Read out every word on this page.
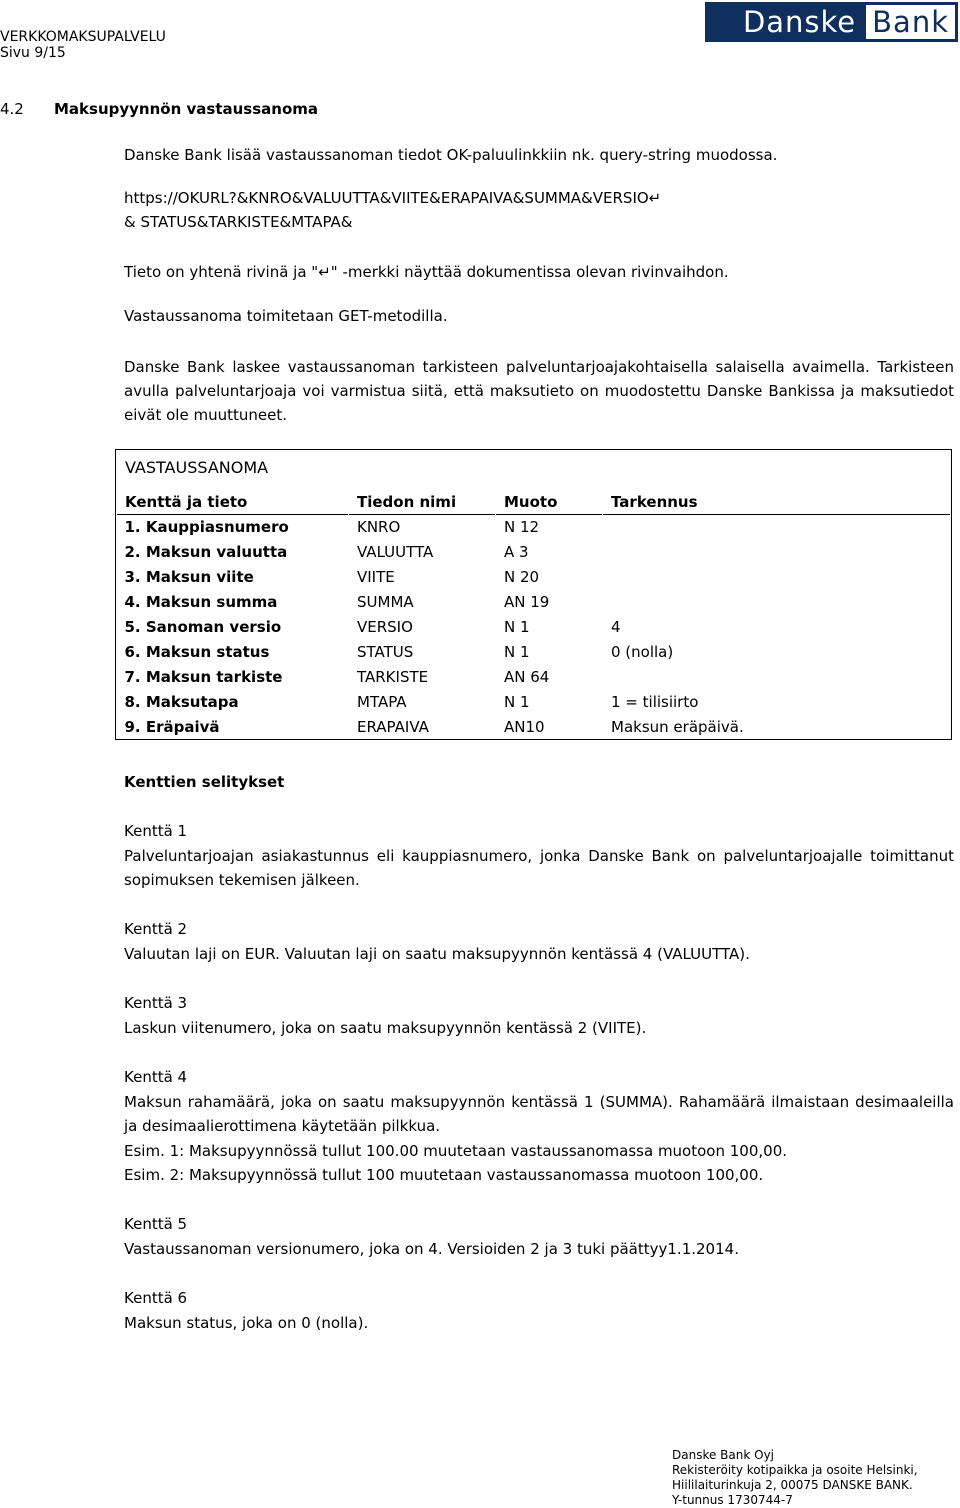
VERKKOMAKSUPALVELU
Sivu 9/15
Danske Bank
4.2 Maksupyynnön vastaussanoma
Danske Bank lisää vastaussanoman tiedot OK-paluulinkkiin nk. query-string muodossa.
https://OKURL?&KNRO&VALUUTTA&VIITE&ERAPAIVA&SUMMA&VERSIO↵
& STATUS&TARKISTE&MTAPA&
Tieto on yhtenä rivinä ja "↵" -merkki näyttää dokumentissa olevan rivinvaihdon.
Vastaussanoma toimitetaan GET-metodilla.
Danske Bank laskee vastaussanoman tarkisteen palveluntarjoajakohtaisella salaisella avaimella. Tarkisteen avulla palveluntarjoaja voi varmistua siitä, että maksutieto on muodostettu Danske Bankissa ja maksutiedot eivät ole muuttuneet.
VASTAUSSANOMA
Kenttä ja tieto	Tiedon nimi	Muoto	Tarkennus
1. Kauppiasnumero	KNRO	N 12	
2. Maksun valuutta	VALUUTTA	A 3	
3. Maksun viite	VIITE	N 20	
4. Maksun summa	SUMMA	AN 19	
5. Sanoman versio	VERSIO	N 1	4
6. Maksun status	STATUS	N 1	0 (nolla)
7. Maksun tarkiste	TARKISTE	AN 64	
8. Maksutapa	MTAPA	N 1	1 = tilisiirto
9. Eräpaivä	ERAPAIVA	AN10	Maksun eräpäivä.
Kenttien selitykset
Kenttä 1
Palveluntarjoajan asiakastunnus eli kauppiasnumero, jonka Danske Bank on palveluntarjoajalle toimittanut sopimuksen tekemisen jälkeen.
Kenttä 2
Valuutan laji on EUR. Valuutan laji on saatu maksupyynnön kentässä 4 (VALUUTTA).
Kenttä 3
Laskun viitenumero, joka on saatu maksupyynnön kentässä 2 (VIITE).
Kenttä 4
Maksun rahamäärä, joka on saatu maksupyynnön kentässä 1 (SUMMA). Rahamäärä ilmaistaan desimaaleilla ja desimaalierottimena käytetään pilkkua.
Esim. 1: Maksupyynnössä tullut 100.00 muutetaan vastaussanomassa muotoon 100,00.
Esim. 2: Maksupyynnössä tullut 100 muutetaan vastaussanomassa muotoon 100,00.
Kenttä 5
Vastaussanoman versionumero, joka on 4. Versioiden 2 ja 3 tuki päättyy1.1.2014.
Kenttä 6
Maksun status, joka on 0 (nolla).
Danske Bank Oyj
Rekisteröity kotipaikka ja osoite Helsinki,
Hiililaiturinkuja 2, 00075 DANSKE BANK.
Y-tunnus 1730744-7
